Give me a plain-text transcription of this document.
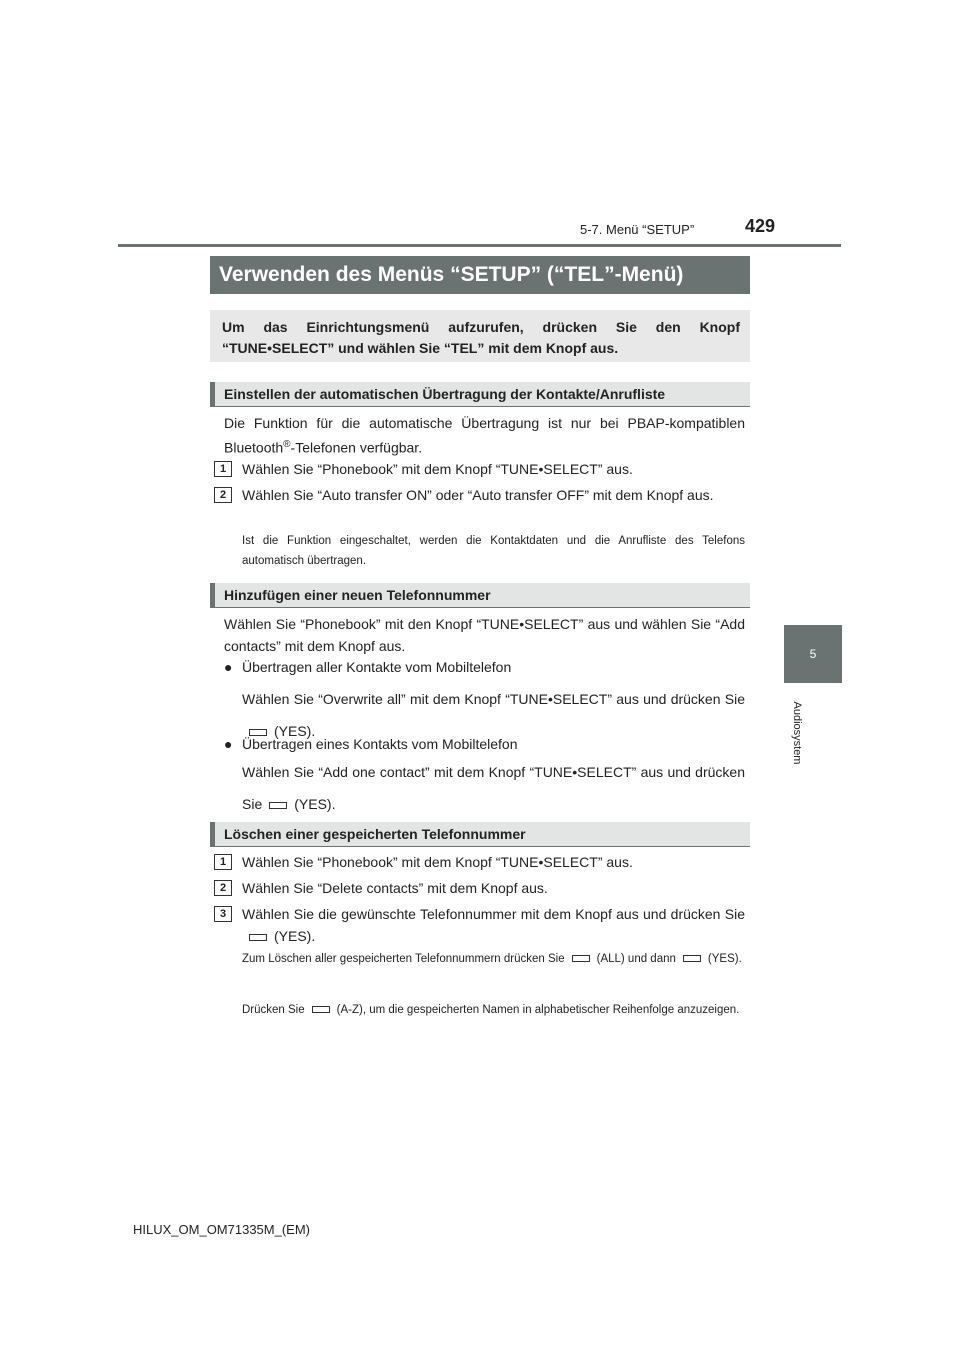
5-7. Menü “SETUP”	429
5
Audiosystem
Verwenden des Menüs “SETUP” (“TEL”-Menü)
Um das Einrichtungsmenü aufzurufen, drücken Sie den Knopf “TUNE•SELECT” und wählen Sie “TEL” mit dem Knopf aus.
Einstellen der automatischen Übertragung der Kontakte/Anrufliste
Die Funktion für die automatische Übertragung ist nur bei PBAP-kompatiblen Bluetooth®-Telefonen verfügbar.
1	Wählen Sie “Phonebook” mit dem Knopf “TUNE•SELECT” aus.
2	Wählen Sie “Auto transfer ON” oder “Auto transfer OFF” mit dem Knopf aus.
Ist die Funktion eingeschaltet, werden die Kontaktdaten und die Anrufliste des Telefons automatisch übertragen.
Hinzufügen einer neuen Telefonnummer
Wählen Sie “Phonebook” mit den Knopf “TUNE•SELECT” aus und wählen Sie “Add contacts” mit dem Knopf aus.
● Übertragen aller Kontakte vom Mobiltelefon
Wählen Sie “Overwrite all” mit dem Knopf “TUNE•SELECT” aus und drücken Sie(YES).
● Übertragen eines Kontakts vom Mobiltelefon
Wählen Sie “Add one contact” mit dem Knopf “TUNE•SELECT” aus und drücken Sie (YES).
Löschen einer gespeicherten Telefonnummer
1	Wählen Sie “Phonebook” mit dem Knopf “TUNE•SELECT” aus.
2	Wählen Sie “Delete contacts” mit dem Knopf aus.
3	Wählen Sie die gewünschte Telefonnummer mit dem Knopf aus und drücken Sie(YES).
Zum Löschen aller gespeicherten Telefonnummern drücken Sie	(ALL) und dann	(YES).
Drücken Sie	(A-Z), um die gespeicherten Namen in alphabetischer Reihenfolge anzuzeigen.
HILUX_OM_OM71335M_(EM)
